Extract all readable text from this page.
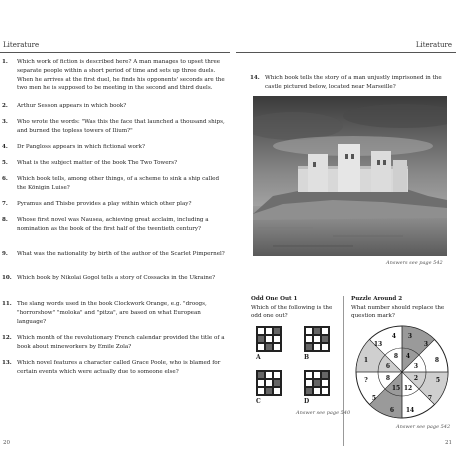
Literature
1.	Which work of fiction is described here? A man manages to upset three separate people within a short period of time and sets up three duels. When he arrives at the first duel, he finds his opponents' seconds are the two men he is supposed to be meeting in the second and third duels.
2.	Arthur Sesson appears in which book?
3.	Who wrote the words: "Was this the face that launched a thousand ships, and burned the topless towers of Ilium?"
4.	Dr Pangloss appears in which fictional work?
5.	What is the subject matter of the book The Two Towers?
6.	Which book tells, among other things, of a scheme to sink a ship called the Königin Luise?
7.	Pyramus and Thisbe provides a play within which other play?
8.	Whose first novel was Nausea, achieving great acclaim, including a nomination as the book of the first half of the twentieth century?
9.	What was the nationality by birth of the author of the Scarlet Pimpernel?
10. Which book by Nikolai Gogol tells a story of Cossacks in the Ukraine?
11. The slang words used in the book Clockwork Orange, e.g. "droogs, "horrorshow" "moloka" and "pitza", are based on what European language?
12. Which month of the revolutionary French calendar provided the title of a book about mineworkers by Emile Zola?
13. Which novel features a character called Grace Poole, who is blamed for certain events which were actually due to someone else?
20
Literature
14. Which book tells the story of a man unjustly imprisoned in the castle pictured below, located near Marseille?
Answers see page 542
Odd One Out 1
Which of the following is the odd one out?
A	B
C	D
Answer see page 540
Puzzle Around 2
What number should replace the question mark?
4
3
2
12
15
8
6
8
3
3
8
5
7
14
6
5
?
1
13
4
Answer see page 542
21
